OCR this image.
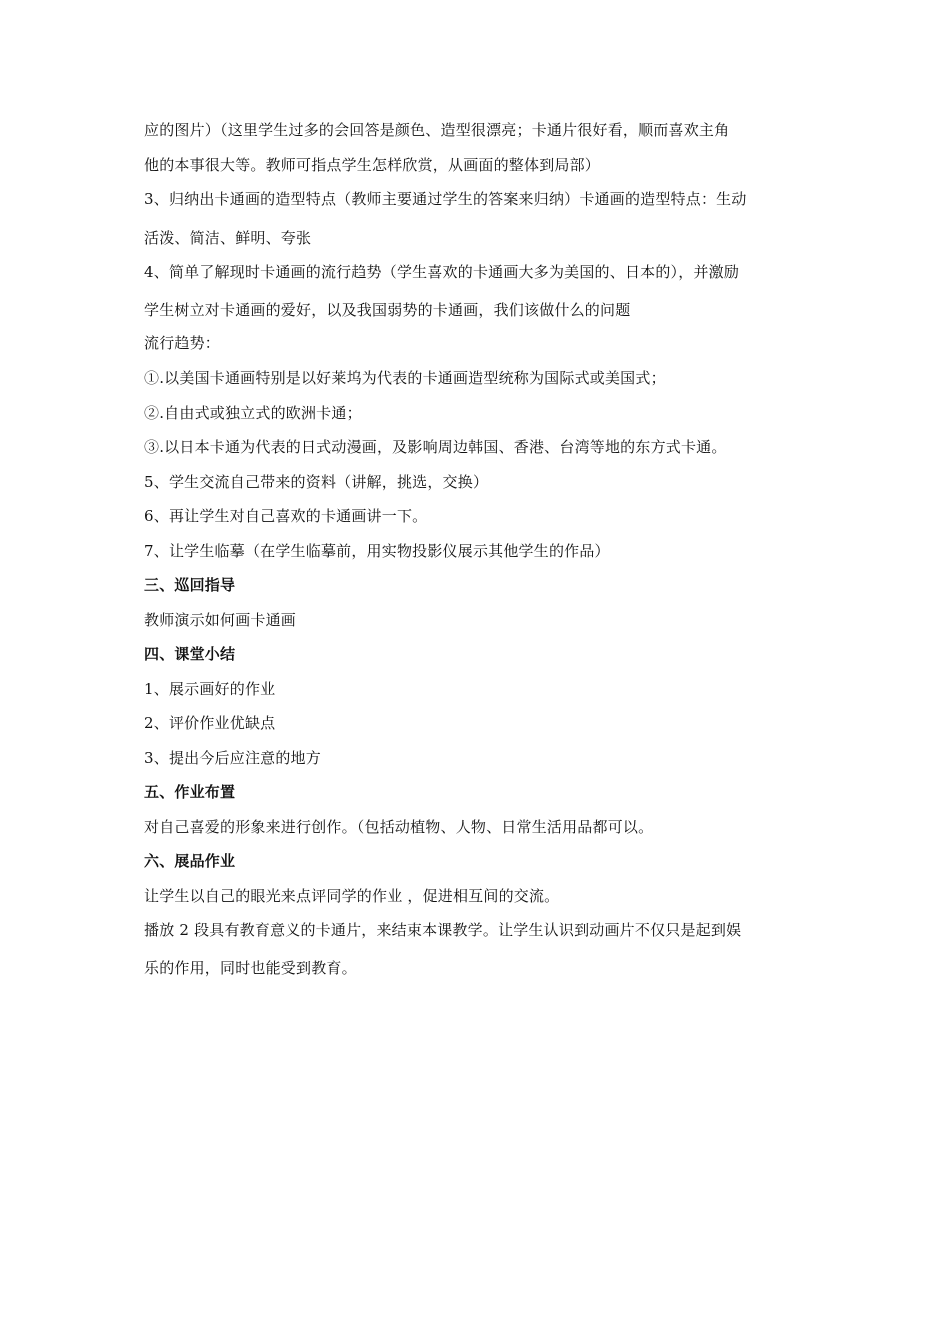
应的图片）（这里学生过多的会回答是颜色、造型很漂亮；卡通片很好看，顺而喜欢主角
他的本事很大等。教师可指点学生怎样欣赏，从画面的整体到局部）
3、归纳出卡通画的造型特点（教师主要通过学生的答案来归纳）卡通画的造型特点：生动
活泼、简洁、鲜明、夸张
4、简单了解现时卡通画的流行趋势（学生喜欢的卡通画大多为美国的、日本的），并激励
学生树立对卡通画的爱好，以及我国弱势的卡通画，我们该做什么的问题
流行趋势：
①.以美国卡通画特别是以好莱坞为代表的卡通画造型统称为国际式或美国式；
②.自由式或独立式的欧洲卡通；
③.以日本卡通为代表的日式动漫画，及影响周边韩国、香港、台湾等地的东方式卡通。
5、学生交流自己带来的资料（讲解，挑选，交换）
6、再让学生对自己喜欢的卡通画讲一下。
7、让学生临摹（在学生临摹前，用实物投影仪展示其他学生的作品）
三、巡回指导
教师演示如何画卡通画
四、课堂小结
1、展示画好的作业
2、评价作业优缺点
3、提出今后应注意的地方
五、作业布置
对自己喜爱的形象来进行创作。（包括动植物、人物、日常生活用品都可以。
六、展品作业
让学生以自己的眼光来点评同学的作业 ，促进相互间的交流。
播放 2 段具有教育意义的卡通片，来结束本课教学。让学生认识到动画片不仅只是起到娱
乐的作用，同时也能受到教育。
